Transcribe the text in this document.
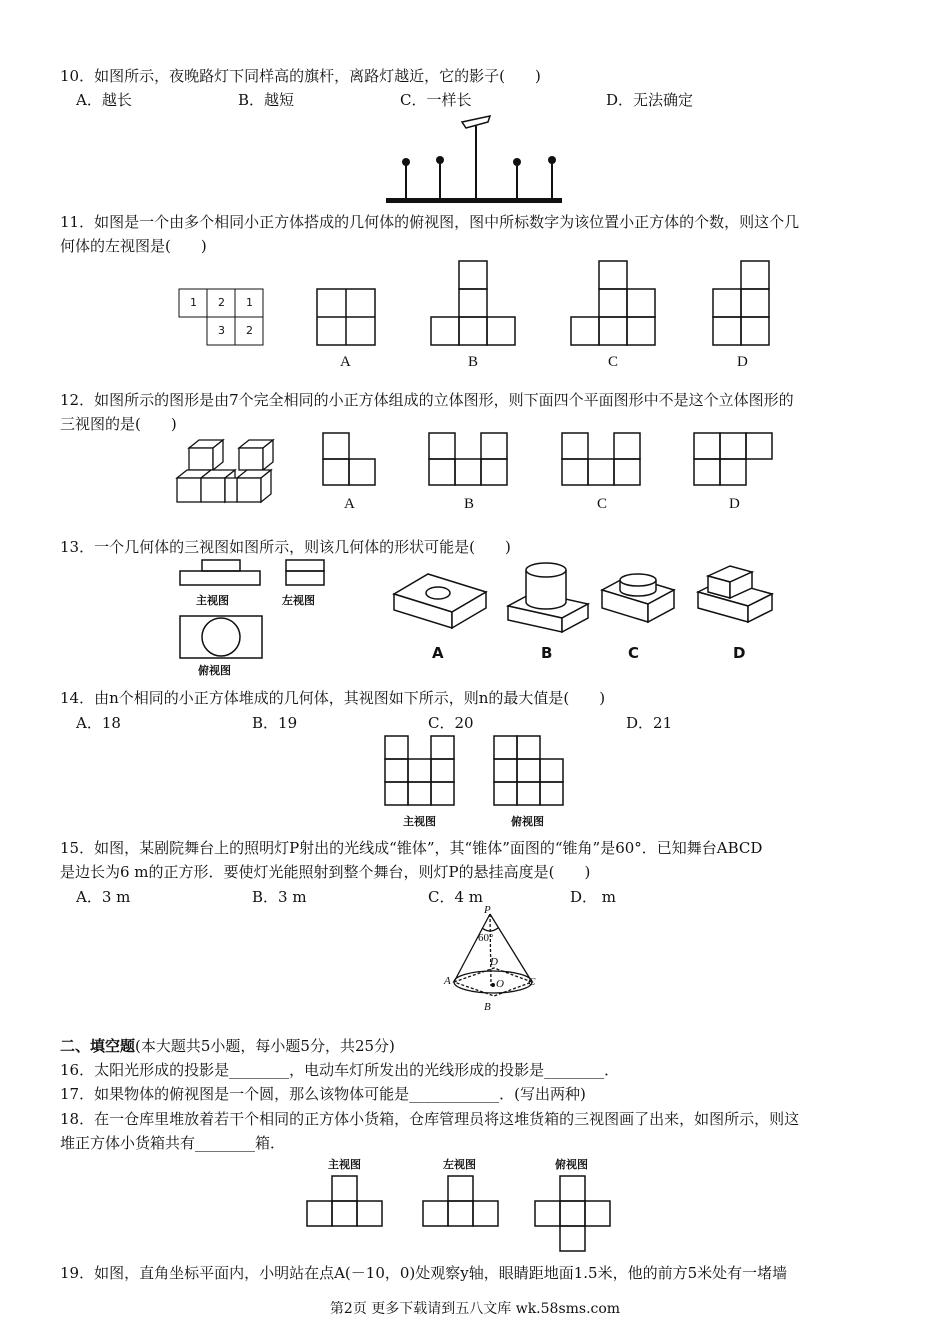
10．如图所示，夜晚路灯下同样高的旗杆，离路灯越近，它的影子(　　)
A．越长	B．越短	C．一样长	D．无法确定
11．如图是一个由多个相同小正方体搭成的几何体的俯视图，图中所标数字为该位置小正方体的个数，则这个几
何体的左视图是(　　)
1 2 1
3 2
A	B	C	D
12．如图所示的图形是由7个完全相同的小正方体组成的立体图形，则下面四个平面图形中不是这个立体图形的
三视图的是(　　)
A	B	C	D
13．一个几何体的三视图如图所示，则该几何体的形状可能是(　　)
主视图	左视图
俯视图
A	B	C	D
14．由n个相同的小正方体堆成的几何体，其视图如下所示，则n的最大值是(　　)
A．18	B．19	C．20	D．21
主视图	俯视图
15．如图，某剧院舞台上的照明灯P射出的光线成“锥体”，其“锥体”面图的“锥角”是60°．已知舞台ABCD
是边长为6 m的正方形．要使灯光能照射到整个舞台，则灯P的悬挂高度是(　　)
A．3 m	B．3 m	C．4 m	D． m
P
60°
D
A	C
O
B
二、填空题(本大题共5小题，每小题5分，共25分)
16．太阳光形成的投影是________，电动车灯所发出的光线形成的投影是________．
17．如果物体的俯视图是一个圆，那么该物体可能是____________．(写出两种)
18．在一仓库里堆放着若干个相同的正方体小货箱，仓库管理员将这堆货箱的三视图画了出来，如图所示，则这
堆正方体小货箱共有________箱．
主视图	左视图	俯视图
19．如图，直角坐标平面内，小明站在点A(－10，0)处观察y轴，眼睛距地面1.5米，他的前方5米处有一堵墙
第2页 更多下载请到五八文库 wk.58sms.com
